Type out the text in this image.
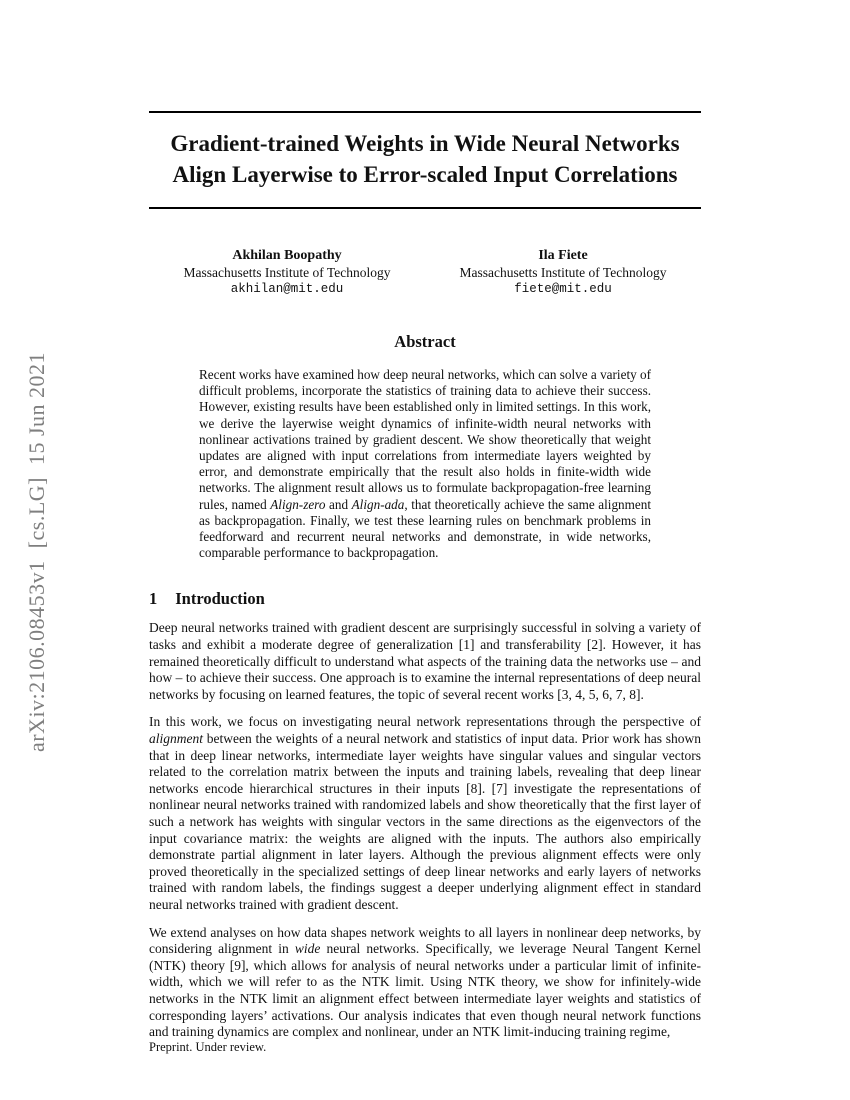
arXiv:2106.08453v1  [cs.LG]  15 Jun 2021
Gradient-trained Weights in Wide Neural Networks
Align Layerwise to Error-scaled Input Correlations
Akhilan Boopathy
Massachusetts Institute of Technology
akhilan@mit.edu
Ila Fiete
Massachusetts Institute of Technology
fiete@mit.edu
Abstract

Recent works have examined how deep neural networks, which can solve a variety of difficult problems, incorporate the statistics of training data to achieve their success. However, existing results have been established only in limited settings. In this work, we derive the layerwise weight dynamics of infinite-width neural networks with nonlinear activations trained by gradient descent. We show theoretically that weight updates are aligned with input correlations from intermediate layers weighted by error, and demonstrate empirically that the result also holds in finite-width wide networks. The alignment result allows us to formulate backpropagation-free learning rules, named Align-zero and Align-ada, that theoretically achieve the same alignment as backpropagation. Finally, we test these learning rules on benchmark problems in feedforward and recurrent neural networks and demonstrate, in wide networks, comparable performance to backpropagation.

1 Introduction

Deep neural networks trained with gradient descent are surprisingly successful in solving a variety of tasks and exhibit a moderate degree of generalization [1] and transferability [2]. However, it has remained theoretically difficult to understand what aspects of the training data the networks use – and how – to achieve their success. One approach is to examine the internal representations of deep neural networks by focusing on learned features, the topic of several recent works [3, 4, 5, 6, 7, 8].

In this work, we focus on investigating neural network representations through the perspective of alignment between the weights of a neural network and statistics of input data. Prior work has shown that in deep linear networks, intermediate layer weights have singular values and singular vectors related to the correlation matrix between the inputs and training labels, revealing that deep linear networks encode hierarchical structures in their inputs [8]. [7] investigate the representations of nonlinear neural networks trained with randomized labels and show theoretically that the first layer of such a network has weights with singular vectors in the same directions as the eigenvectors of the input covariance matrix: the weights are aligned with the inputs. The authors also empirically demonstrate partial alignment in later layers. Although the previous alignment effects were only proved theoretically in the specialized settings of deep linear networks and early layers of networks trained with random labels, the findings suggest a deeper underlying alignment effect in standard neural networks trained with gradient descent.

We extend analyses on how data shapes network weights to all layers in nonlinear deep networks, by considering alignment in wide neural networks. Specifically, we leverage Neural Tangent Kernel (NTK) theory [9], which allows for analysis of neural networks under a particular limit of infinite-width, which we will refer to as the NTK limit. Using NTK theory, we show for infinitely-wide networks in the NTK limit an alignment effect between intermediate layer weights and statistics of corresponding layers’ activations. Our analysis indicates that even though neural network functions and training dynamics are complex and nonlinear, under an NTK limit-inducing training regime,

Preprint. Under review.
